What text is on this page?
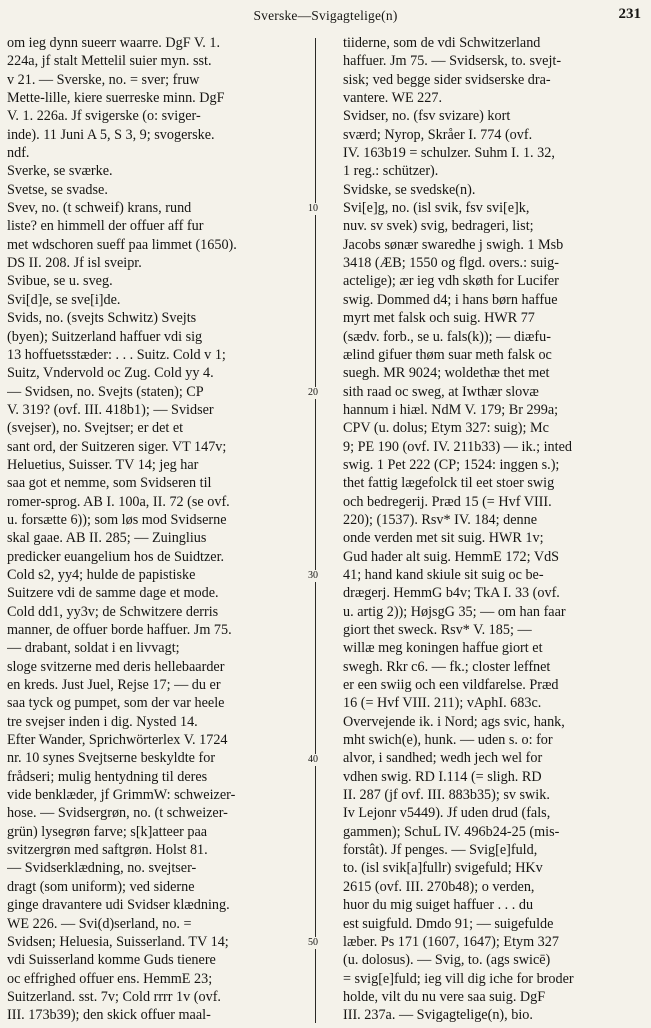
Sverske—Svigagtelige(n)	231
om ieg dynn sueerr waarre. DgF V. 1.
224a, jf stalt Mettelil suier myn. sst.
v 21. — Sverske, no. = sver; fruw
Mette-lille, kiere suerreske minn. DgF
V. 1. 226a. Jf svigerske (o: sviger-
inde). 11 Juni A 5, S 3, 9; svogerske.
ndf.
Sverke, se sværke.
Svetse, se svadse.
Svev, no. (t schweif) krans, rund
liste? en himmell der offuer aff fur
met wdschoren sueff paa limmet (1650).
DS II. 208. Jf isl sveipr.
Svibue, se u. sveg.
Svi[d]e, se sve[i]de.
Svids, no. (svejts Schwitz) Svejts
(byen); Suitzerland haffuer vdi sig
13 hoffuetsstæder: . . . Suitz. Cold v 1;
Suitz, Vndervold oc Zug. Cold yy 4.
— Svidsen, no. Svejts (staten); CP
V. 319? (ovf. III. 418b1); — Svidser
(svejser), no. Svejtser; er det et
sant ord, der Suitzeren siger. VT 147v;
Heluetius, Suisser. TV 14; jeg har
saa got et nemme, som Svidseren til
romer-sprog. AB I. 100a, II. 72 (se ovf.
u. forsætte 6)); som løs mod Svidserne
skal gaae. AB II. 285; — Zuinglius
predicker euangelium hos de Suidtzer.
Cold s2, yy4; hulde de papistiske
Suitzere vdi de samme dage et mode.
Cold dd1, yy3v; de Schwitzere derris
manner, de offuer borde haffuer. Jm 75.
— drabant, soldat i en livvagt;
sloge svitzerne med deris hellebaarder
en kreds. Just Juel, Rejse 17; — du er
saa tyck og pumpet, som der var heele
tre svejser inden i dig. Nysted 14.
Efter Wander, Sprichwörterlex V. 1724
nr. 10 synes Svejtserne beskyldte for
frådseri; mulig hentydning til deres
vide benklæder, jf GrimmW: schweizer-
hose. — Svidsergrøn, no. (t schweizer-
grün) lysegrøn farve; s[k]atteer paa
svitzergrøn med saftgrøn. Holst 81.
— Svidserklædning, no. svejtser-
dragt (som uniform); ved siderne
ginge dravantere udi Svidser klædning.
WE 226. — Svi(d)serland, no. =
Svidsen; Heluesia, Suisserland. TV 14;
vdi Suisserland komme Guds tienere
oc effrighed offuer ens. HemmE 23;
Suitzerland. sst. 7v; Cold rrrr 1v (ovf.
III. 173b39); den skick offuer maal-
tiiderne, som de vdi Schwitzerland
haffuer. Jm 75. — Svidsersk, to. svejt-
sisk; ved begge sider svidserske dra-
vantere. WE 227.
Svidser, no. (fsv svizare) kort
sværd; Nyrop, Skråer I. 774 (ovf.
IV. 163b19 = schulzer. Suhm I. 1. 32,
1 reg.: schützer).
Svidske, se svedske(n).
Svi[e]g, no. (isl svik, fsv svi[e]k,
nuv. sv svek) svig, bedrageri, list;
Jacobs sønær swaredhe j swigh. 1 Msb
3418 (ÆB; 1550 og flgd. overs.: suig-
actelige); ær ieg vdh skøth for Lucifer
swig. Dommed d4; i hans børn haffue
myrt met falsk och suig. HWR 77
(sædv. forb., se u. fals(k)); — diæfu-
ælind gifuer thøm suar meth falsk oc
suegh. MR 9024; woldethæ thet met
sith raad oc sweg, at Iwthær slovæ
hannum i hiæl. NdM V. 179; Br 299a;
CPV (u. dolus; Etym 327: suig); Mc
9; PE 190 (ovf. IV. 211b33) — ik.; inted
swig. 1 Pet 222 (CP; 1524: inggen s.);
thet fattig lægefolck til eet stoer swig
och bedregerij. Præd 15 (= Hvf VIII.
220); (1537). Rsv* IV. 184; denne
onde verden met sit suig. HWR 1v;
Gud hader alt suig. HemmE 172; VdS
41; hand kand skiule sit suig oc be-
drægerj. HemmG b4v; TkA I. 33 (ovf.
u. artig 2)); HøjsgG 35; — om han faar
giort thet sweck. Rsv* V. 185; —
willæ meg koningen haffue giort et
swegh. Rkr c6. — fk.; closter leffnet
er een swiig och een vildfarelse. Præd
16 (= Hvf VIII. 211); vAphI. 683c.
Overvejende ik. i Nord; ags svic, hank,
mht swich(e), hunk. — uden s. o: for
alvor, i sandhed; wedh jech wel for
vdhen swig. RD I.114 (= sligh. RD
II. 287 (jf ovf. III. 883b35); sv swik.
Iv Lejonr v5449). Jf uden drud (fals,
gammen); SchuL IV. 496b24-25 (mis-
forstât). Jf penges. — Svig[e]fuld,
to. (isl svik[a]fullr) svigefuld; HKv
2615 (ovf. III. 270b48); o verden,
huor du mig suiget haffuer . . . du
est suigfuld. Dmdo 91; — suigefulde
læber. Ps 171 (1607, 1647); Etym 327
(u. dolosus). — Svig, to. (ags swicē)
= svig[e]fuld; ieg vill dig iche for broder
holde, vilt du nu vere saa suig. DgF
III. 237a. — Svigagtelige(n), bio.
10
20
30
40
50
